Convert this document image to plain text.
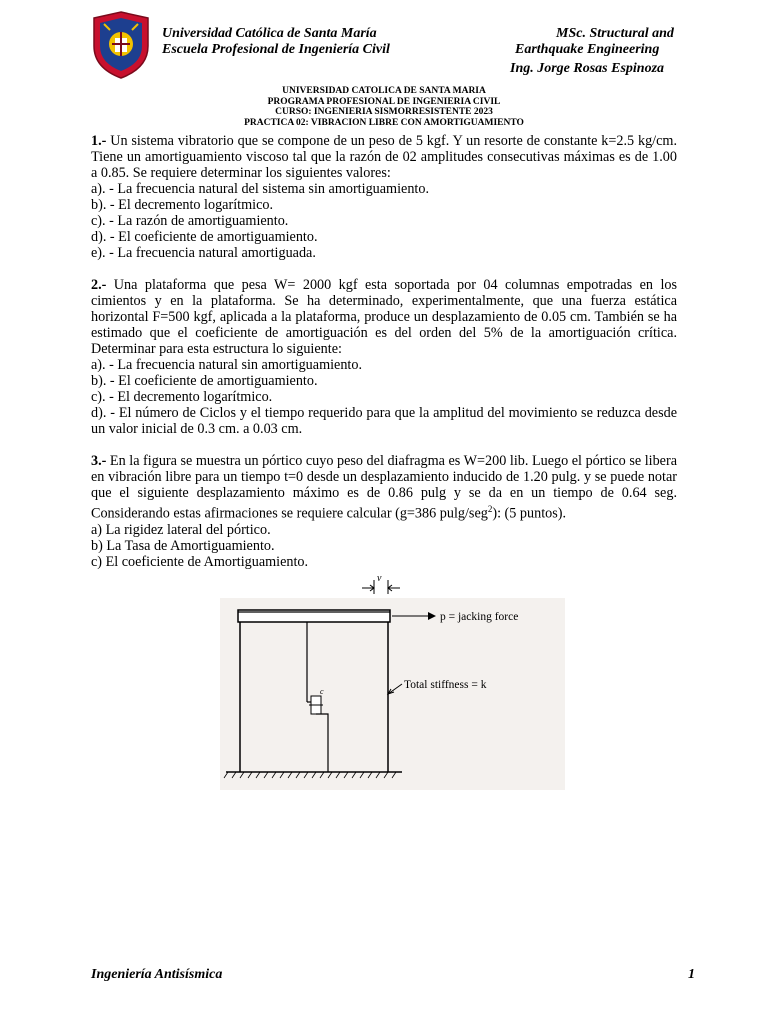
Universidad Católica de Santa María
Escuela Profesional de Ingeniería Civil
MSc. Structural and
Earthquake Engineering
Ing. Jorge Rosas Espinoza
UNIVERSIDAD CATOLICA DE SANTA MARIA
PROGRAMA PROFESIONAL DE INGENIERIA CIVIL
CURSO: INGENIERIA SISMORRESISTENTE 2023
PRACTICA 02: VIBRACION LIBRE CON AMORTIGUAMIENTO

1.- Un sistema vibratorio que se compone de un peso de 5 kgf. Y un resorte de constante k=2.5 kg/cm. Tiene un amortiguamiento viscoso tal que la razón de 02 amplitudes consecutivas máximas es de 1.00 a 0.85. Se requiere determinar los siguientes valores:

a). - La frecuencia natural del sistema sin amortiguamiento.

b). - El decremento logarítmico.

c). - La razón de amortiguamiento.

d). - El coeficiente de amortiguamiento.

e). - La frecuencia natural amortiguada.

2.- Una plataforma que pesa W= 2000 kgf esta soportada por 04 columnas empotradas en los cimientos y en la plataforma. Se ha determinado, experimentalmente, que una fuerza estática horizontal F=500 kgf, aplicada a la plataforma, produce un desplazamiento de 0.05 cm. También se ha estimado que el coeficiente de amortiguación es del orden del 5% de la amortiguación crítica. Determinar para esta estructura lo siguiente:

a). - La frecuencia natural sin amortiguamiento.

b). - El coeficiente de amortiguamiento.

c). - El decremento logarítmico.

d). - El número de Ciclos y el tiempo requerido para que la amplitud del movimiento se reduzca desde un valor inicial de 0.3 cm. a 0.03 cm.

3.- En la figura se muestra un pórtico cuyo peso del diafragma es W=200 lib. Luego el pórtico se libera en vibración libre para un tiempo t=0 desde un desplazamiento inducido de 1.20 pulg. y se puede notar que el siguiente desplazamiento máximo es de 0.86 pulg y se da en un tiempo de 0.64 seg. Considerando estas afirmaciones se requiere calcular (g=386 pulg/seg$^2$): (5 puntos).

a) La rigidez lateral del pórtico.

b) La Tasa de Amortiguamiento.

c) El coeficiente de Amortiguamiento.

v
p = jacking force
c
Total stiffness = k
Ingeniería Antisísmica	1
